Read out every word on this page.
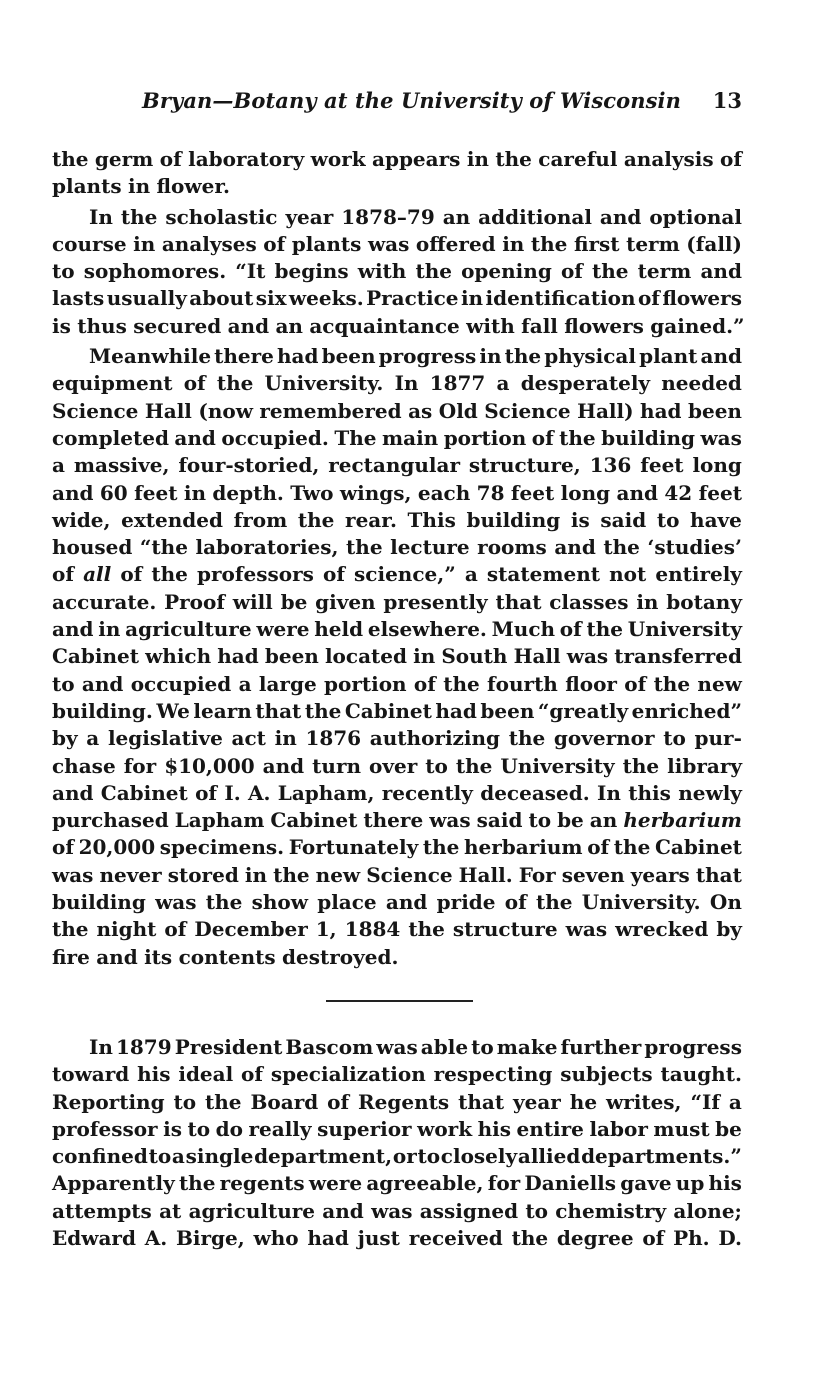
Bryan—Botany at the University of Wisconsin 13
the germ of laboratory work appears in the careful analysis of
plants in flower.
In the scholastic year 1878–79 an additional and optional
course in analyses of plants was offered in the first term (fall)
to sophomores. “It begins with the opening of the term and
lasts usually about six weeks. Practice in identification of flowers
is thus secured and an acquaintance with fall flowers gained.”
Meanwhile there had been progress in the physical plant and
equipment of the University. In 1877 a desperately needed
Science Hall (now remembered as Old Science Hall) had been
completed and occupied. The main portion of the building was
a massive, four-storied, rectangular structure, 136 feet long
and 60 feet in depth. Two wings, each 78 feet long and 42 feet
wide, extended from the rear. This building is said to have
housed “the laboratories, the lecture rooms and the ‘studies’
of all of the professors of science,” a statement not entirely
accurate. Proof will be given presently that classes in botany
and in agriculture were held elsewhere. Much of the University
Cabinet which had been located in South Hall was transferred
to and occupied a large portion of the fourth floor of the new
building. We learn that the Cabinet had been “greatly enriched”
by a legislative act in 1876 authorizing the governor to pur-
chase for $10,000 and turn over to the University the library
and Cabinet of I. A. Lapham, recently deceased. In this newly
purchased Lapham Cabinet there was said to be an herbarium
of 20,000 specimens. Fortunately the herbarium of the Cabinet
was never stored in the new Science Hall. For seven years that
building was the show place and pride of the University. On
the night of December 1, 1884 the structure was wrecked by
fire and its contents destroyed.
In 1879 President Bascom was able to make further progress
toward his ideal of specialization respecting subjects taught.
Reporting to the Board of Regents that year he writes, “If a
professor is to do really superior work his entire labor must be
confined to a single department, or to closely allied departments.”
Apparently the regents were agreeable, for Daniells gave up his
attempts at agriculture and was assigned to chemistry alone;
Edward A. Birge, who had just received the degree of Ph. D.
